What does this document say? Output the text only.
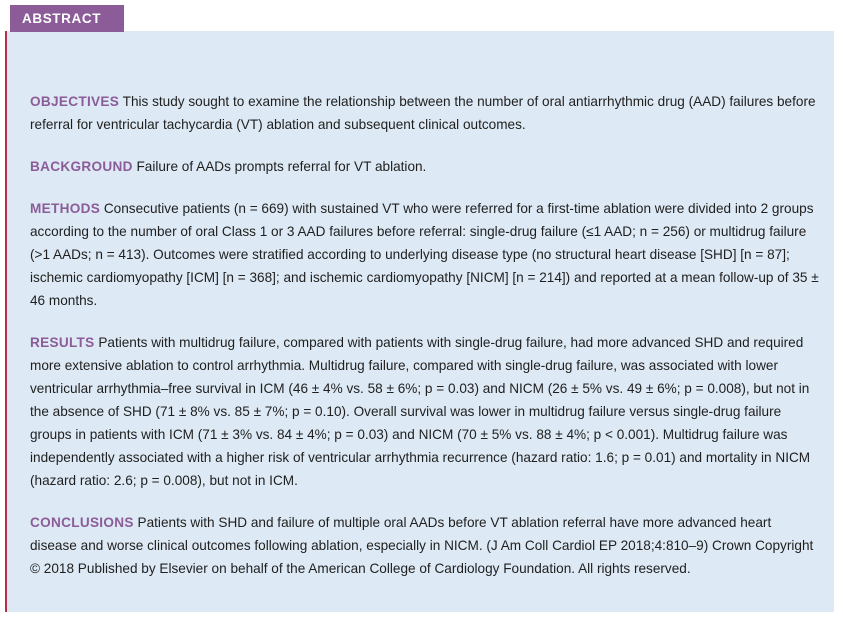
OBJECTIVES This study sought to examine the relationship between the number of oral antiarrhythmic drug (AAD) failures before referral for ventricular tachycardia (VT) ablation and subsequent clinical outcomes.

BACKGROUND Failure of AADs prompts referral for VT ablation.

METHODS Consecutive patients (n = 669) with sustained VT who were referred for a first-time ablation were divided into 2 groups according to the number of oral Class 1 or 3 AAD failures before referral: single-drug failure (≤1 AAD; n = 256) or multidrug failure (>1 AADs; n = 413). Outcomes were stratified according to underlying disease type (no structural heart disease [SHD] [n = 87]; ischemic cardiomyopathy [ICM] [n = 368]; and ischemic cardiomyopathy [NICM] [n = 214]) and reported at a mean follow-up of 35 ± 46 months.

RESULTS Patients with multidrug failure, compared with patients with single-drug failure, had more advanced SHD and required more extensive ablation to control arrhythmia. Multidrug failure, compared with single-drug failure, was associated with lower ventricular arrhythmia–free survival in ICM (46 ± 4% vs. 58 ± 6%; p = 0.03) and NICM (26 ± 5% vs. 49 ± 6%; p = 0.008), but not in the absence of SHD (71 ± 8% vs. 85 ± 7%; p = 0.10). Overall survival was lower in multidrug failure versus single-drug failure groups in patients with ICM (71 ± 3% vs. 84 ± 4%; p = 0.03) and NICM (70 ± 5% vs. 88 ± 4%; p < 0.001). Multidrug failure was independently associated with a higher risk of ventricular arrhythmia recurrence (hazard ratio: 1.6; p = 0.01) and mortality in NICM (hazard ratio: 2.6; p = 0.008), but not in ICM.

CONCLUSIONS Patients with SHD and failure of multiple oral AADs before VT ablation referral have more advanced heart disease and worse clinical outcomes following ablation, especially in NICM. (J Am Coll Cardiol EP 2018;4:810–9) Crown Copyright © 2018 Published by Elsevier on behalf of the American College of Cardiology Foundation. All rights reserved.

ABSTRACT
